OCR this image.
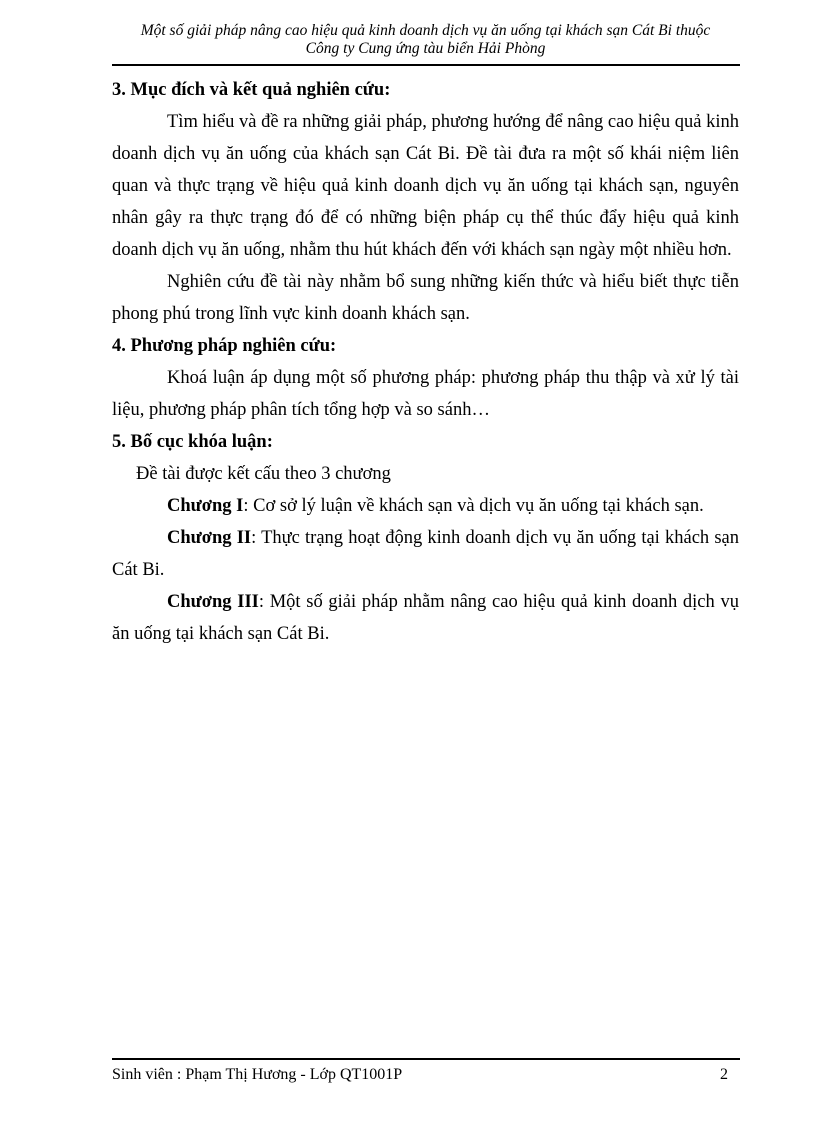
Một số giải pháp nâng cao hiệu quả kinh doanh dịch vụ ăn uống tại khách sạn Cát Bi thuộc
Công ty Cung ứng tàu biển Hải Phòng

3. Mục đích và kết quả nghiên cứu:

Tìm hiểu và đề ra những giải pháp, phương hướng để nâng cao hiệu quả kinh doanh dịch vụ ăn uống của khách sạn Cát Bi. Đề tài đưa ra một số khái niệm liên quan và thực trạng về hiệu quả kinh doanh dịch vụ ăn uống tại khách sạn, nguyên nhân gây ra thực trạng đó để có những biện pháp cụ thể thúc đẩy hiệu quả kinh doanh dịch vụ ăn uống, nhằm thu hút khách đến với khách sạn ngày một nhiều hơn.

Nghiên cứu đề tài này nhằm bổ sung những kiến thức và hiểu biết thực tiễn phong phú trong lĩnh vực kinh doanh khách sạn.

4. Phương pháp nghiên cứu:

Khoá luận áp dụng một số phương pháp: phương pháp thu thập và xử lý tài liệu, phương pháp phân tích tổng hợp và so sánh…

5. Bố cục khóa luận:

Đề tài được kết cấu theo 3 chương

Chương I: Cơ sở lý luận về khách sạn và dịch vụ ăn uống tại khách sạn.

Chương II: Thực trạng hoạt động kinh doanh dịch vụ ăn uống tại khách sạn Cát Bi.

Chương III: Một số giải pháp nhằm nâng cao hiệu quả kinh doanh dịch vụ ăn uống tại khách sạn Cát Bi.

Sinh viên : Phạm Thị Hương - Lớp QT1001P	2
